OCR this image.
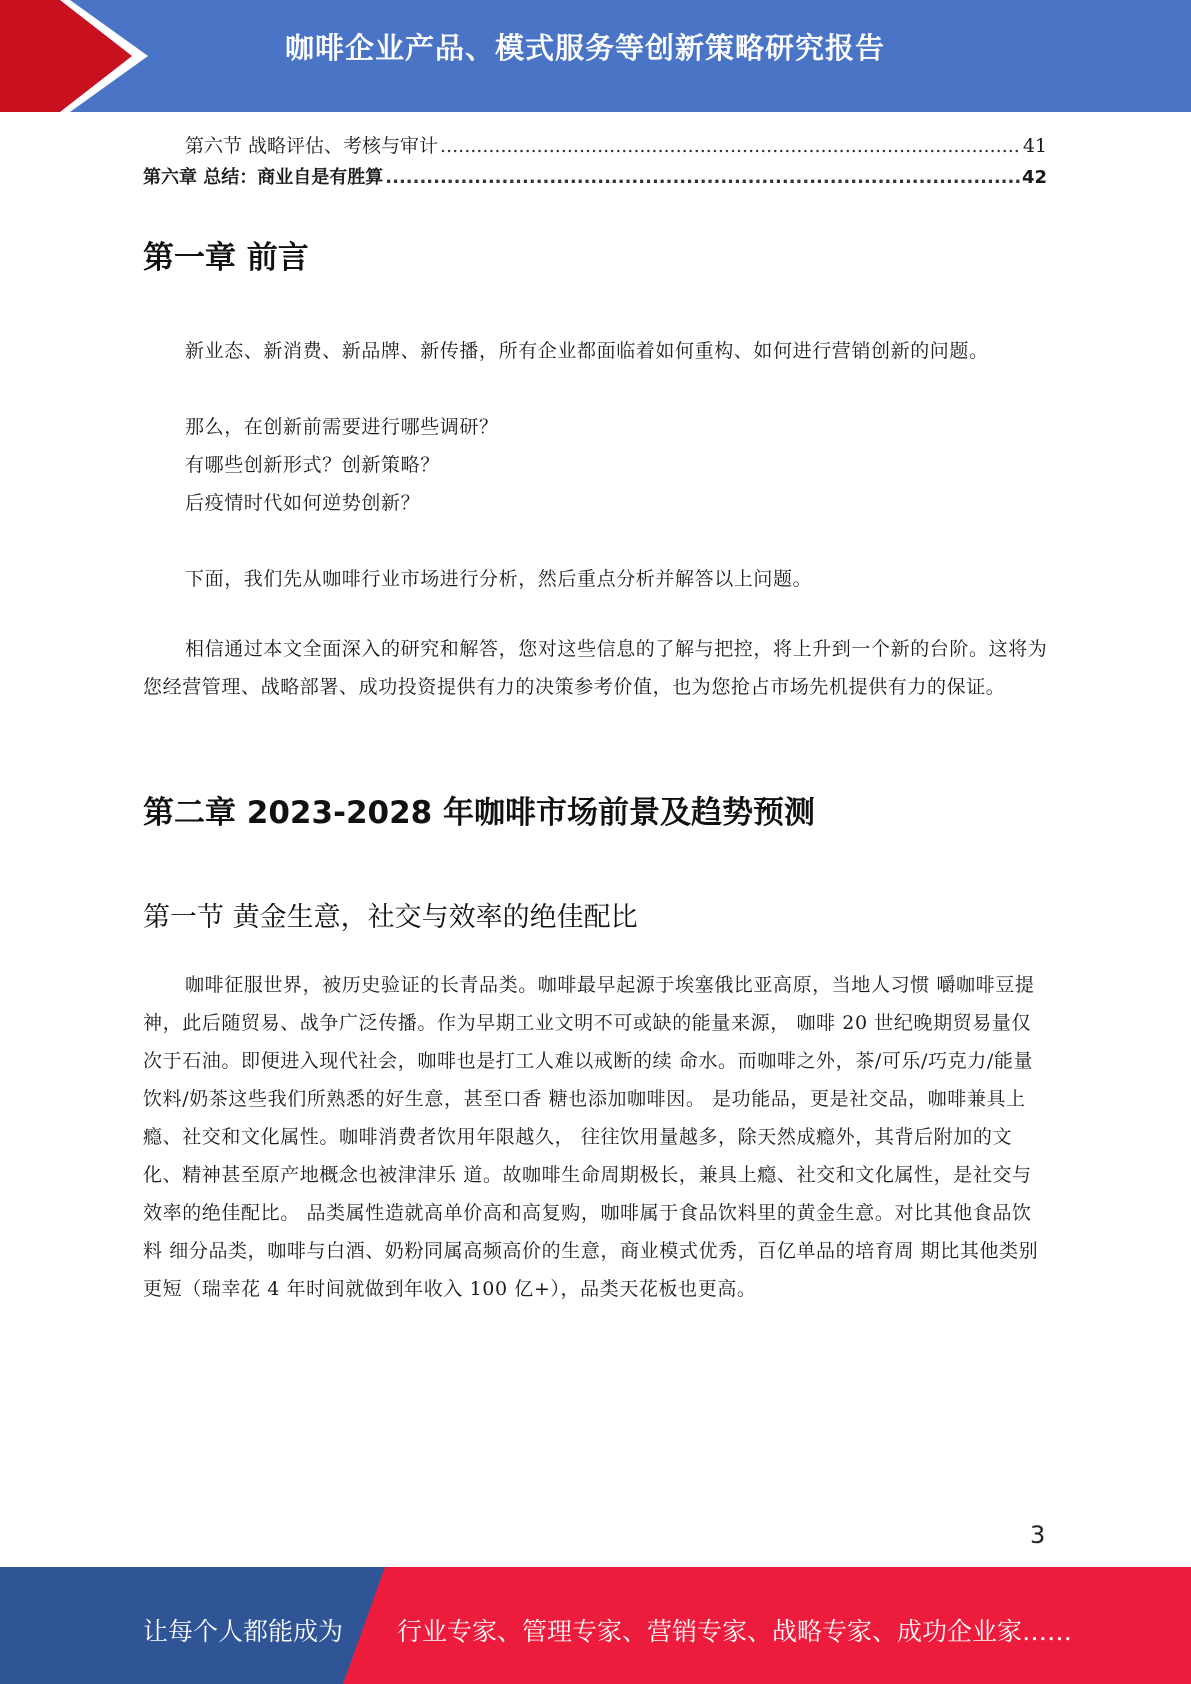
咖啡企业产品、模式服务等创新策略研究报告
第六节 战略评估、考核与审计 .....	41
第六章 总结：商业自是有胜算 .....	42
第一章 前言
新业态、新消费、新品牌、新传播，所有企业都面临着如何重构、如何进行营销创新的问题。
那么，在创新前需要进行哪些调研？
有哪些创新形式？创新策略？
后疫情时代如何逆势创新？
下面，我们先从咖啡行业市场进行分析，然后重点分析并解答以上问题。

相信通过本文全面深入的研究和解答，您对这些信息的了解与把控，将上升到一个新的台阶。这将为您经营管理、战略部署、成功投资提供有力的决策参考价值，也为您抢占市场先机提供有力的保证。

第二章 2023-2028 年咖啡市场前景及趋势预测
第一节 黄金生意，社交与效率的绝佳配比

咖啡征服世界，被历史验证的长青品类。咖啡最早起源于埃塞俄比亚高原，当地人习惯 嚼咖啡豆提神，此后随贸易、战争广泛传播。作为早期工业文明不可或缺的能量来源， 咖啡 20 世纪晚期贸易量仅次于石油。即便进入现代社会，咖啡也是打工人难以戒断的续 命水。而咖啡之外，茶/可乐/巧克力/能量饮料/奶茶这些我们所熟悉的好生意，甚至口香 糖也添加咖啡因。 是功能品，更是社交品，咖啡兼具上瘾、社交和文化属性。咖啡消费者饮用年限越久， 往往饮用量越多，除天然成瘾外，其背后附加的文化、精神甚至原产地概念也被津津乐 道。故咖啡生命周期极长，兼具上瘾、社交和文化属性，是社交与效率的绝佳配比。 品类属性造就高单价高和高复购，咖啡属于食品饮料里的黄金生意。对比其他食品饮料 细分品类，咖啡与白酒、奶粉同属高频高价的生意，商业模式优秀，百亿单品的培育周 期比其他类别更短（瑞幸花 4 年时间就做到年收入 100 亿+），品类天花板也更高。

3
让每个人都能成为 行业专家、管理专家、营销专家、战略专家、成功企业家……
